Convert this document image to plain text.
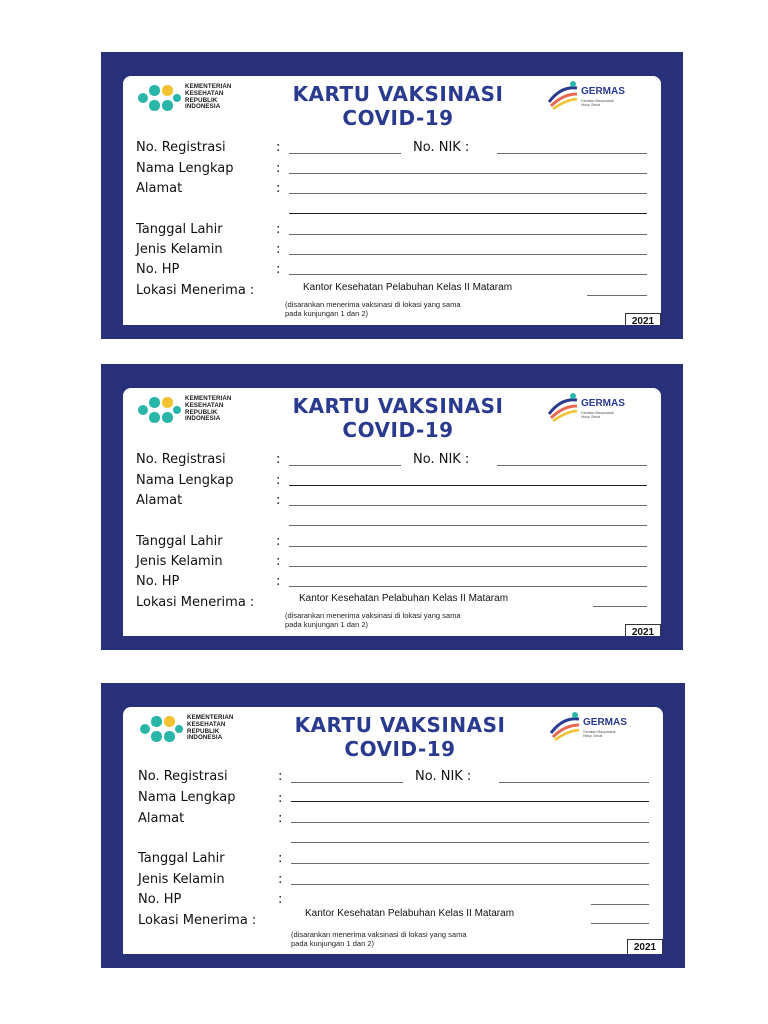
KEMENTERIAN
KESEHATAN
REPUBLIK
INDONESIA
KARTU VAKSINASI
COVID-19
GERMAS
Gerakan Masyarakat Hidup Sehat
No. Registrasi	:	No. NIK :
Nama Lengkap	:
Alamat	:
Tanggal Lahir	:
Jenis Kelamin	:
No. HP	:
Lokasi Menerima :	Kantor Kesehatan Pelabuhan Kelas II Mataram
(disarankan menerima vaksinasi di lokasi yang sama
pada kunjungan 1 dan 2)
2021
KEMENTERIAN
KESEHATAN
REPUBLIK
INDONESIA
KARTU VAKSINASI
COVID-19
GERMAS
Gerakan Masyarakat Hidup Sehat
No. Registrasi	:	No. NIK :
Nama Lengkap	:
Alamat	:
Tanggal Lahir	:
Jenis Kelamin	:
No. HP	:
Lokasi Menerima :	Kantor Kesehatan Pelabuhan Kelas II Mataram
(disarankan menerima vaksinasi di lokasi yang sama
pada kunjungan 1 dan 2)
2021
KEMENTERIAN
KESEHATAN
REPUBLIK
INDONESIA
KARTU VAKSINASI
COVID-19
GERMAS
Gerakan Masyarakat Hidup Sehat
No. Registrasi	:	No. NIK :
Nama Lengkap	:
Alamat	:
Tanggal Lahir	:
Jenis Kelamin	:
No. HP	:
Lokasi Menerima :	Kantor Kesehatan Pelabuhan Kelas II Mataram
(disarankan menerima vaksinasi di lokasi yang sama
pada kunjungan 1 dan 2)	2021
